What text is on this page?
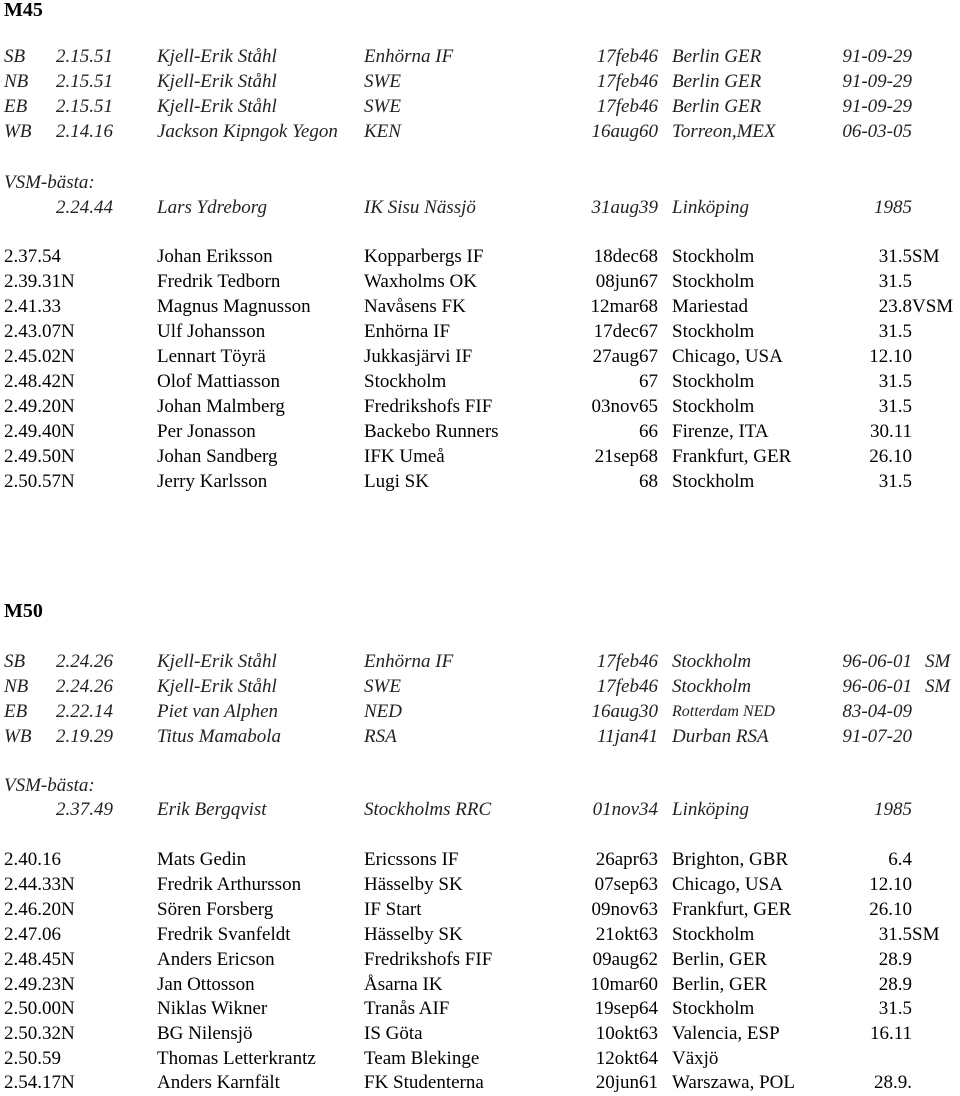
M45
SB 2.15.51 Kjell-Erik Ståhl	Enhörna IF	17feb46 Berlin GER	91-09-29
NB 2.15.51 Kjell-Erik Ståhl	SWE	17feb46 Berlin GER	91-09-29
EB 2.15.51 Kjell-Erik Ståhl	SWE	17feb46 Berlin GER	91-09-29
WB 2.14.16 Jackson Kipngok Yegon	KEN	16aug60 Torreon,MEX	06-03-05
VSM-bästa:
2.24.44 Lars Ydreborg	IK Sisu Nässjö	31aug39 Linköping	1985
2.37.54	Johan Eriksson	Kopparbergs IF	18dec68 Stockholm	31.5 SM
2.39.31N	Fredrik Tedborn	Waxholms OK	08jun67 Stockholm	31.5
2.41.33	Magnus Magnusson	Navåsens FK	12mar68 Mariestad	23.8 VSM
2.43.07N	Ulf Johansson	Enhörna IF	17dec67 Stockholm	31.5
2.45.02N	Lennart Töyrä	Jukkasjärvi IF	27aug67 Chicago, USA	12.10
2.48.42N	Olof Mattiasson	Stockholm	67 Stockholm	31.5
2.49.20N	Johan Malmberg	Fredrikshofs FIF	03nov65 Stockholm	31.5
2.49.40N	Per Jonasson	Backebo Runners	66 Firenze, ITA	30.11
2.49.50N	Johan Sandberg	IFK Umeå	21sep68 Frankfurt, GER	26.10
2.50.57N	Jerry Karlsson	Lugi SK	68 Stockholm	31.5
M50
SB 2.24.26 Kjell-Erik Ståhl	Enhörna IF	17feb46 Stockholm	96-06-01 SM
NB 2.24.26 Kjell-Erik Ståhl	SWE	17feb46 Stockholm	96-06-01 SM
EB 2.22.14 Piet van Alphen	NED	16aug30 Rotterdam NED	83-04-09
WB 2.19.29 Titus Mamabola	RSA	11jan41 Durban RSA	91-07-20
VSM-bästa:
2.37.49 Erik Bergqvist	Stockholms RRC	01nov34 Linköping	1985
2.40.16	Mats Gedin	Ericssons IF	26apr63 Brighton, GBR	6.4
2.44.33N	Fredrik Arthursson	Hässelby SK	07sep63 Chicago, USA	12.10
2.46.20N	Sören Forsberg	IF Start	09nov63 Frankfurt, GER	26.10
2.47.06	Fredrik Svanfeldt	Hässelby SK	21okt63 Stockholm	31.5 SM
2.48.45N	Anders Ericson	Fredrikshofs FIF	09aug62 Berlin, GER	28.9
2.49.23N	Jan Ottosson	Åsarna IK	10mar60 Berlin, GER	28.9
2.50.00N	Niklas Wikner	Tranås AIF	19sep64 Stockholm	31.5
2.50.32N	BG Nilensjö	IS Göta	10okt63 Valencia, ESP	16.11
2.50.59	Thomas Letterkrantz	Team Blekinge	12okt64 Växjö
2.54.17N	Anders Karnfält	FK Studenterna	20jun61 Warszawa, POL	28.9.
